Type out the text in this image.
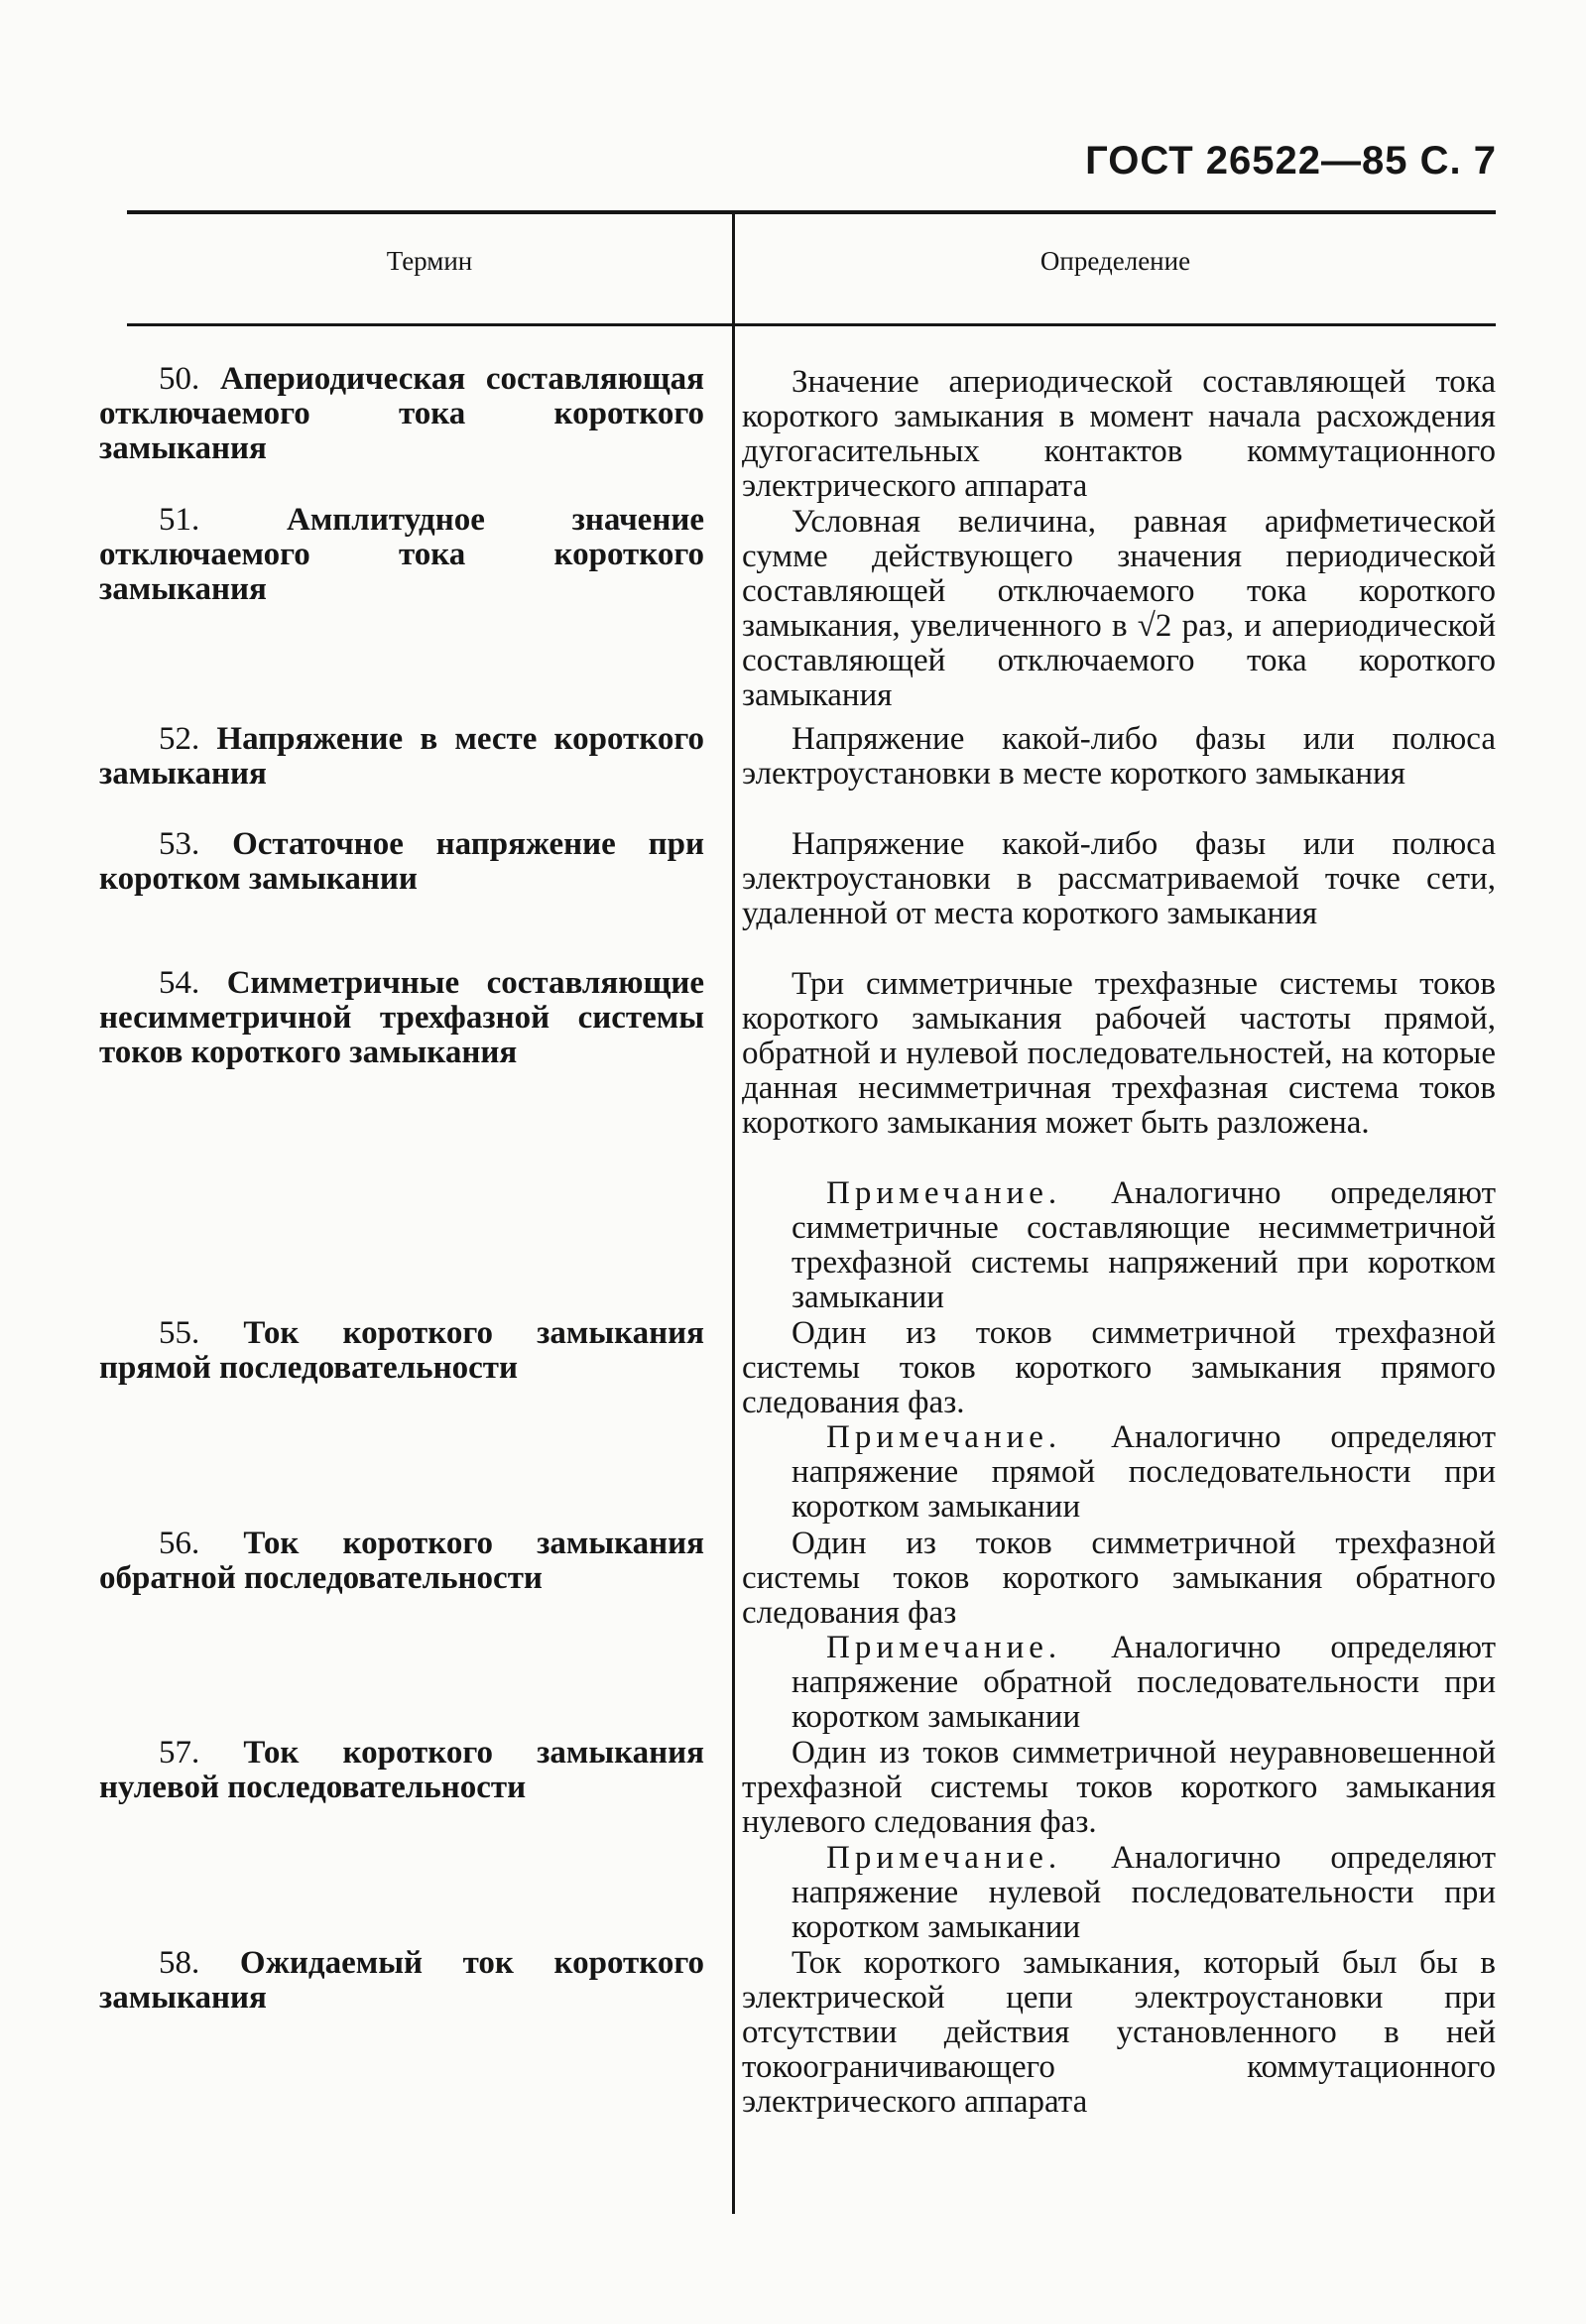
ГОСТ 26522—85 С. 7
Термин	Определение

50. Апериодическая составляющая отключаемого тока короткого замыкания

Значение апериодической составляющей тока короткого замыкания в момент начала расхождения дугогасительных контактов коммутационного электрического аппарата

51.	Амплитудное значение отключаемого тока короткого замыкания

Условная величина, равная арифметической сумме действующего значения периодической составляющей отключаемого тока короткого замыкания, увеличенного в √2 раз, и апериодической составляющей отключаемого тока короткого замыкания

52. Напряжение в месте короткого замыкания

Напряжение какой-либо фазы или полюса электроустановки в месте короткого замыкания

53. Остаточное напряжение при коротком замыкании

Напряжение какой-либо фазы или полюса электроустановки в рассматриваемой точке сети, удаленной от места короткого замыкания

54. Симметричные составляющие несимметричной трехфазной системы токов короткого замыкания

Три симметричные трехфазные системы токов короткого замыкания рабочей частоты прямой, обратной и нулевой последовательностей, на которые данная несимметричная трехфазная система токов короткого замыкания может быть разложена.

Примечание. Аналогично определяют симметричные составляющие несимметричной трехфазной системы напряжений при коротком замыкании

55. Ток короткого замыкания прямой последовательности

Один из токов симметричной трехфазной системы токов короткого замыкания прямого следования фаз.

Примечание. Аналогично определяют напряжение прямой последовательности при коротком замыкании

56. Ток короткого замыкания обратной последовательности

Один из токов симметричной трехфазной системы токов короткого замыкания обратного следования фаз

Примечание. Аналогично определяют напряжение обратной последовательности при коротком замыкании

57. Ток короткого замыкания нулевой последовательности

Один из токов симметричной неуравновешенной трехфазной системы токов короткого замыкания нулевого следования фаз.

Примечание. Аналогично определяют напряжение нулевой последовательности при коротком замыкании

58. Ожидаемый ток короткого замыкания

Ток короткого замыкания, который был бы в электрической цепи электроустановки при отсутствии действия установленного в ней токоограничивающего коммутационного электрического аппарата
